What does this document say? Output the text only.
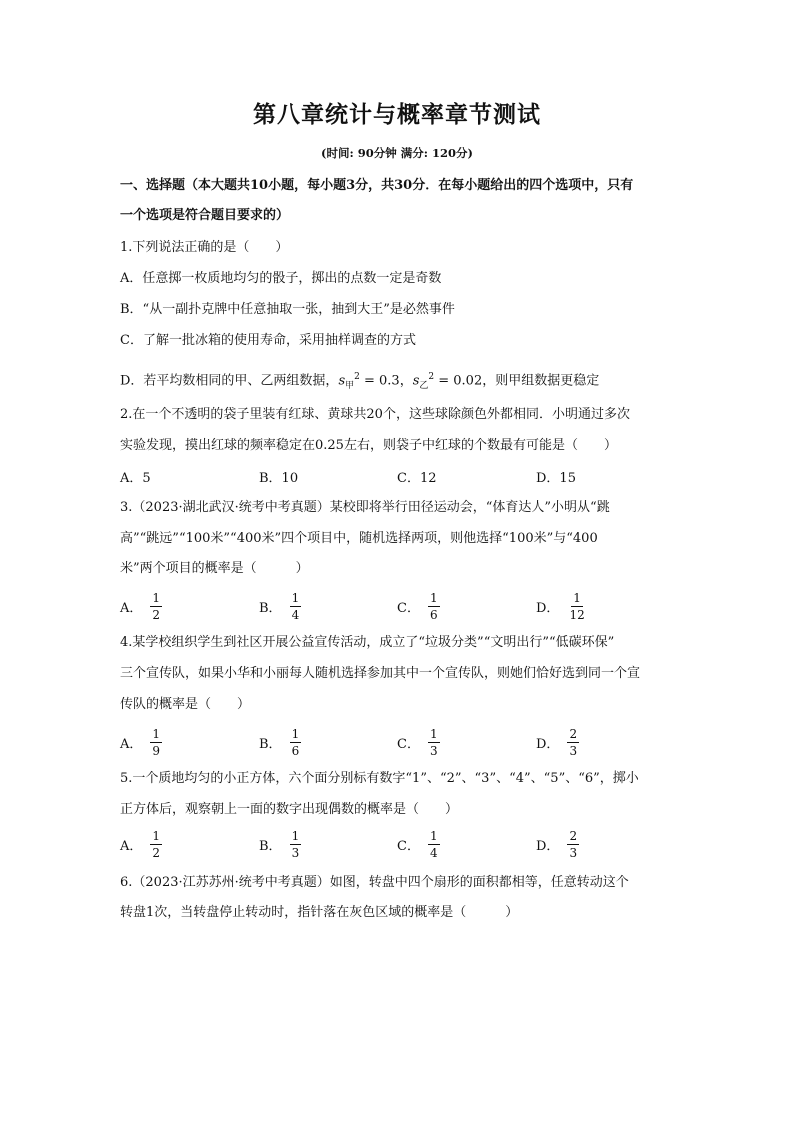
第八章统计与概率章节测试
(时间: 90分钟 满分: 120分)
一、选择题（本大题共10小题，每小题3分，共30分．在每小题给出的四个选项中，只有
一个选项是符合题目要求的）
1.下列说法正确的是（　　）
A．任意掷一枚质地均匀的骰子，掷出的点数一定是奇数
B．“从一副扑克牌中任意抽取一张，抽到大王”是必然事件
C．了解一批冰箱的使用寿命，采用抽样调查的方式
D．若平均数相同的甲、乙两组数据，$s_甲^2 = 0.3$，$s_乙^2 = 0.02$，则甲组数据更稳定
2.在一个不透明的袋子里装有红球、黄球共20个，这些球除颜色外都相同．小明通过多次
实验发现，摸出红球的频率稳定在0.25左右，则袋子中红球的个数最有可能是（　　）
A．5	B．10	C．12	D．15
3.（2023·湖北武汉·统考中考真题）某校即将举行田径运动会，“体育达人”小明从“跳
高”“跳远”“100米”“400米”四个项目中，随机选择两项，则他选择“100米”与“400
米”两个项目的概率是（　　　）
A． $\frac{1}{2}$	B． $\frac{1}{4}$	C． $\frac{1}{6}$	D． $\frac{1}{12}$
4.某学校组织学生到社区开展公益宣传活动，成立了“垃圾分类”“文明出行”“低碳环保”
三个宣传队，如果小华和小丽每人随机选择参加其中一个宣传队，则她们恰好选到同一个宣
传队的概率是（　　）
A． $\frac{1}{9}$	B． $\frac{1}{6}$	C． $\frac{1}{3}$	D． $\frac{2}{3}$
5.一个质地均匀的小正方体，六个面分别标有数字“1”、“2”、“3”、“4”、“5”、“6”，掷小
正方体后，观察朝上一面的数字出现偶数的概率是（　　）
A． $\frac{1}{2}$	B． $\frac{1}{3}$	C． $\frac{1}{4}$	D． $\frac{2}{3}$
6.（2023·江苏苏州·统考中考真题）如图，转盘中四个扇形的面积都相等，任意转动这个
转盘1次，当转盘停止转动时，指针落在灰色区域的概率是（　　　）
